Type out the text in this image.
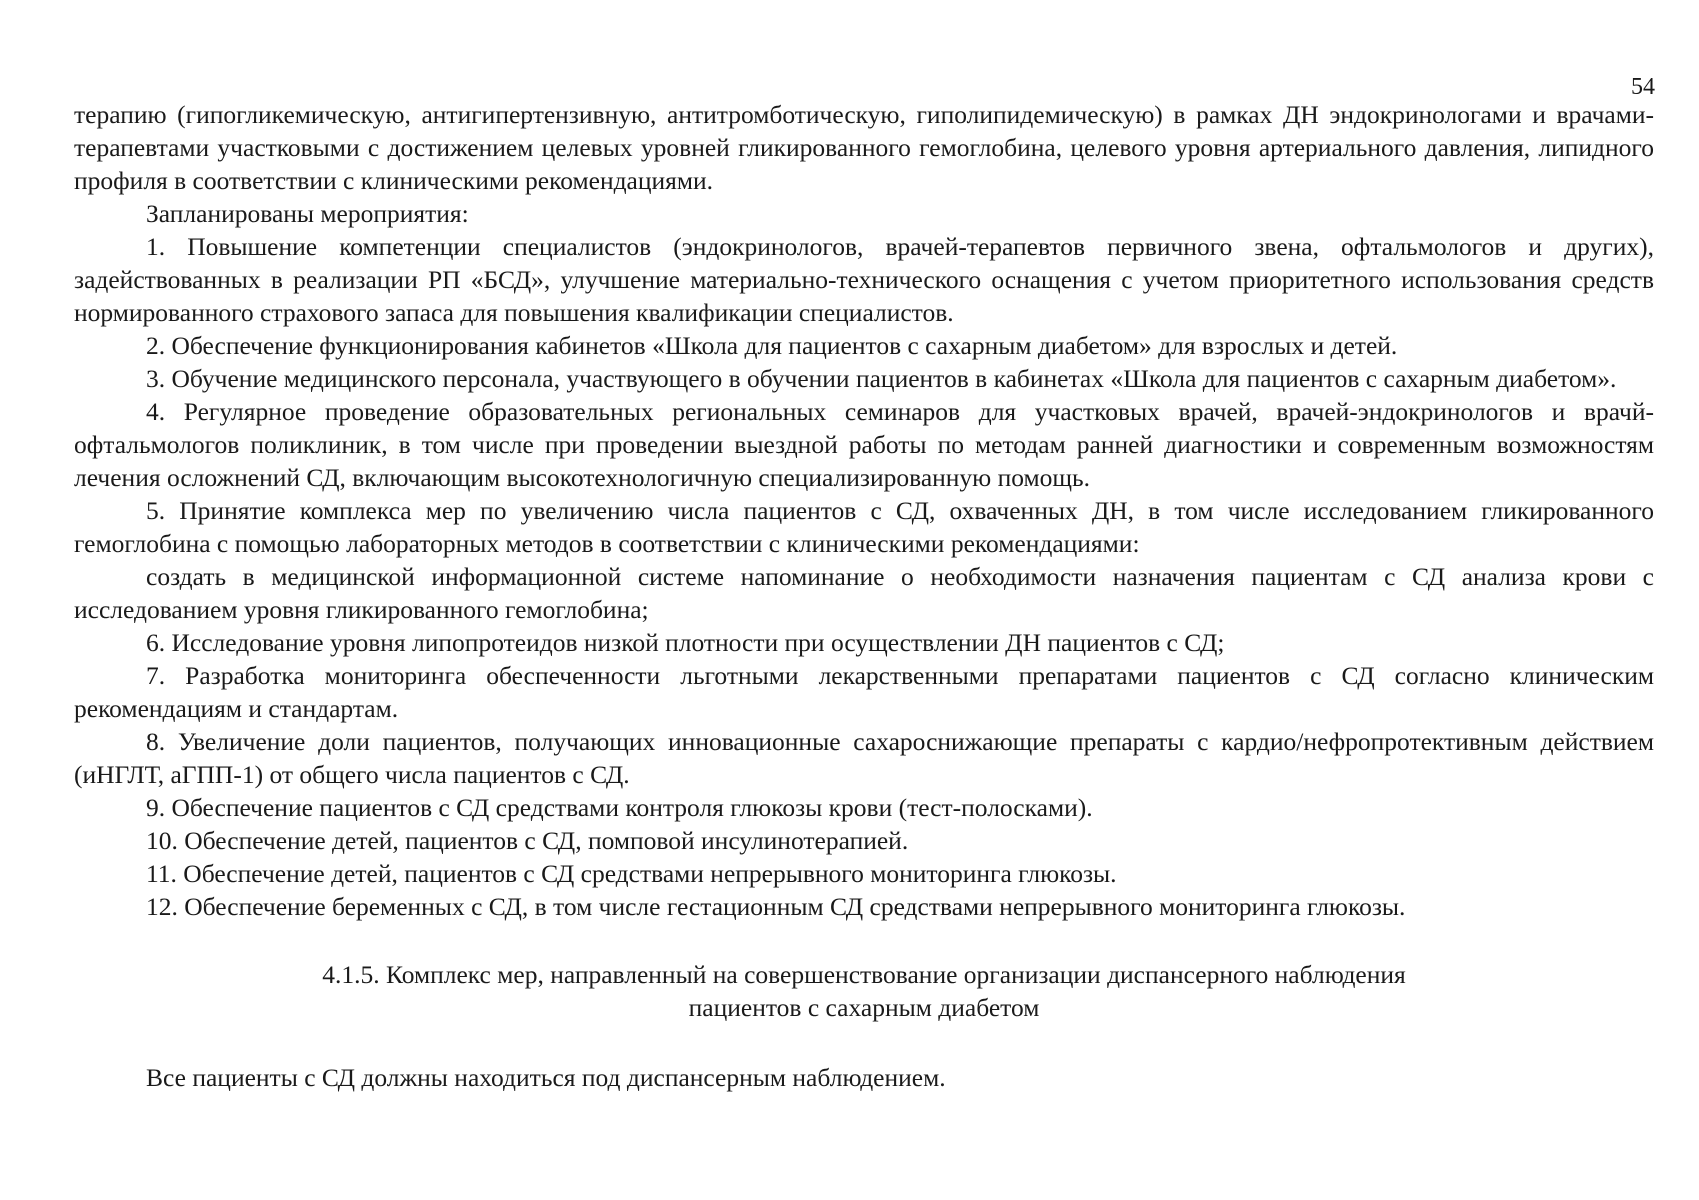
54

терапию (гипогликемическую, антигипертензивную, антитромботическую, гиполипидемическую) в рамках ДН эндокринологами и врачами-терапевтами участковыми с достижением целевых уровней гликированного гемоглобина, целевого уровня артериального давления, липидного профиля в соответствии с клиническими рекомендациями.

Запланированы мероприятия:

1. Повышение компетенции специалистов (эндокринологов, врачей-терапевтов первичного звена, офтальмологов и других), задействованных в реализации РП «БСД», улучшение материально-технического оснащения с учетом приоритетного использования средств нормированного страхового запаса для повышения квалификации специалистов.

2. Обеспечение функционирования кабинетов «Школа для пациентов с сахарным диабетом» для взрослых и детей.

3. Обучение медицинского персонала, участвующего в обучении пациентов в кабинетах «Школа для пациентов с сахарным диабетом».

4. Регулярное проведение образовательных региональных семинаров для участковых врачей, врачей-эндокринологов и врачй-офтальмологов поликлиник, в том числе при проведении выездной работы по методам ранней диагностики и современным возможностям лечения осложнений СД, включающим высокотехнологичную специализированную помощь.

5. Принятие комплекса мер по увеличению числа пациентов с СД, охваченных ДН, в том числе исследованием гликированного гемоглобина с помощью лабораторных методов в соответствии с клиническими рекомендациями:

создать в медицинской информационной системе напоминание о необходимости назначения пациентам с СД анализа крови с исследованием уровня гликированного гемоглобина;

6. Исследование уровня липопротеидов низкой плотности при осуществлении ДН пациентов с СД;

7. Разработка мониторинга обеспеченности льготными лекарственными препаратами пациентов с СД согласно клиническим рекомендациям и стандартам.

8. Увеличение доли пациентов, получающих инновационные сахароснижающие препараты с кардио/нефропротективным действием (иНГЛТ, аГПП-1) от общего числа пациентов с СД.

9. Обеспечение пациентов с СД средствами контроля глюкозы крови (тест-полосками).

10. Обеспечение детей, пациентов с СД, помповой инсулинотерапией.

11. Обеспечение детей, пациентов с СД средствами непрерывного мониторинга глюкозы.

12. Обеспечение беременных с СД, в том числе гестационным СД средствами непрерывного мониторинга глюкозы.

4.1.5. Комплекс мер, направленный на совершенствование организации диспансерного наблюдения
пациентов с сахарным диабетом

Все пациенты с СД должны находиться под диспансерным наблюдением.
